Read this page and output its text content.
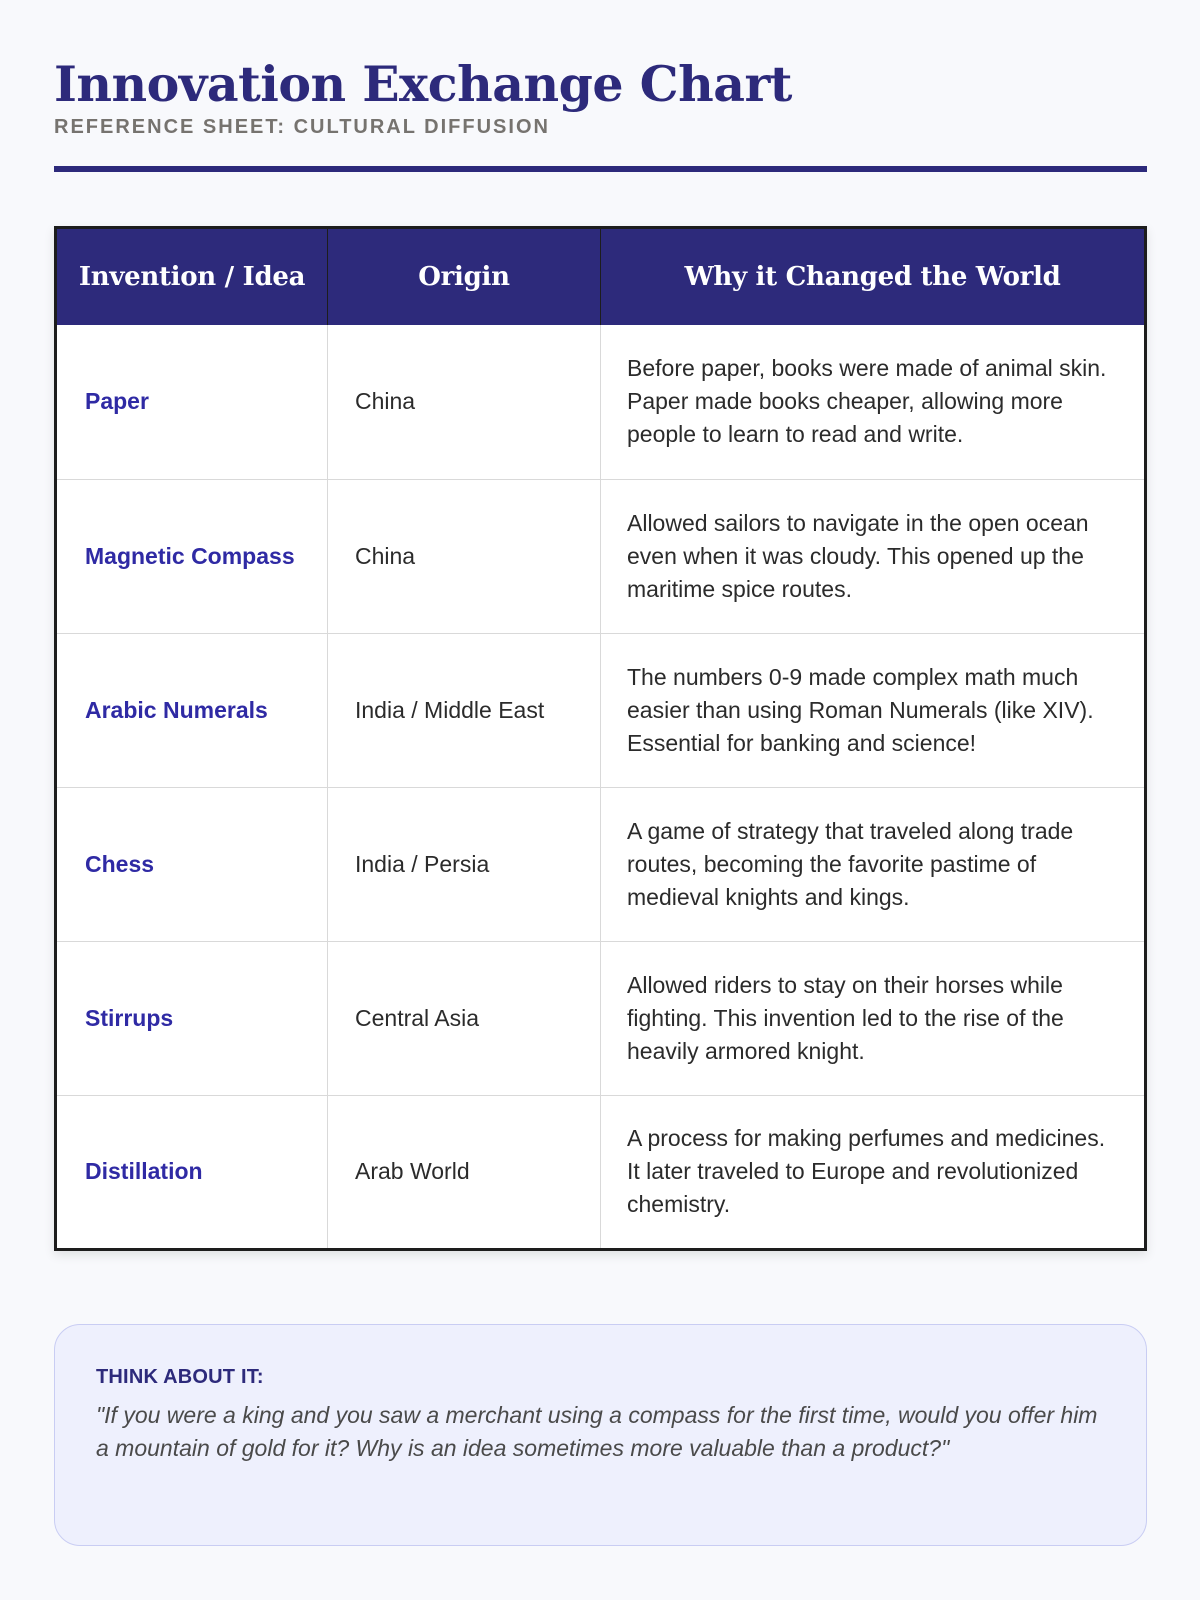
Innovation Exchange Chart
REFERENCE SHEET: CULTURAL DIFFUSION
Invention / Idea	Origin	Why it Changed the World
Paper	China	Before paper, books were made of animal skin. Paper made books cheaper, allowing more people to learn to read and write.
Magnetic Compass	China	Allowed sailors to navigate in the open ocean even when it was cloudy. This opened up the maritime spice routes.
Arabic Numerals	India / Middle East	The numbers 0-9 made complex math much easier than using Roman Numerals (like XIV). Essential for banking and science!
Chess	India / Persia	A game of strategy that traveled along trade routes, becoming the favorite pastime of medieval knights and kings.
Stirrups	Central Asia	Allowed riders to stay on their horses while fighting. This invention led to the rise of the heavily armored knight.
Distillation	Arab World	A process for making perfumes and medicines. It later traveled to Europe and revolutionized chemistry.
THINK ABOUT IT:
"If you were a king and you saw a merchant using a compass for the first time, would you offer him a mountain of gold for it? Why is an idea sometimes more valuable than a product?"
